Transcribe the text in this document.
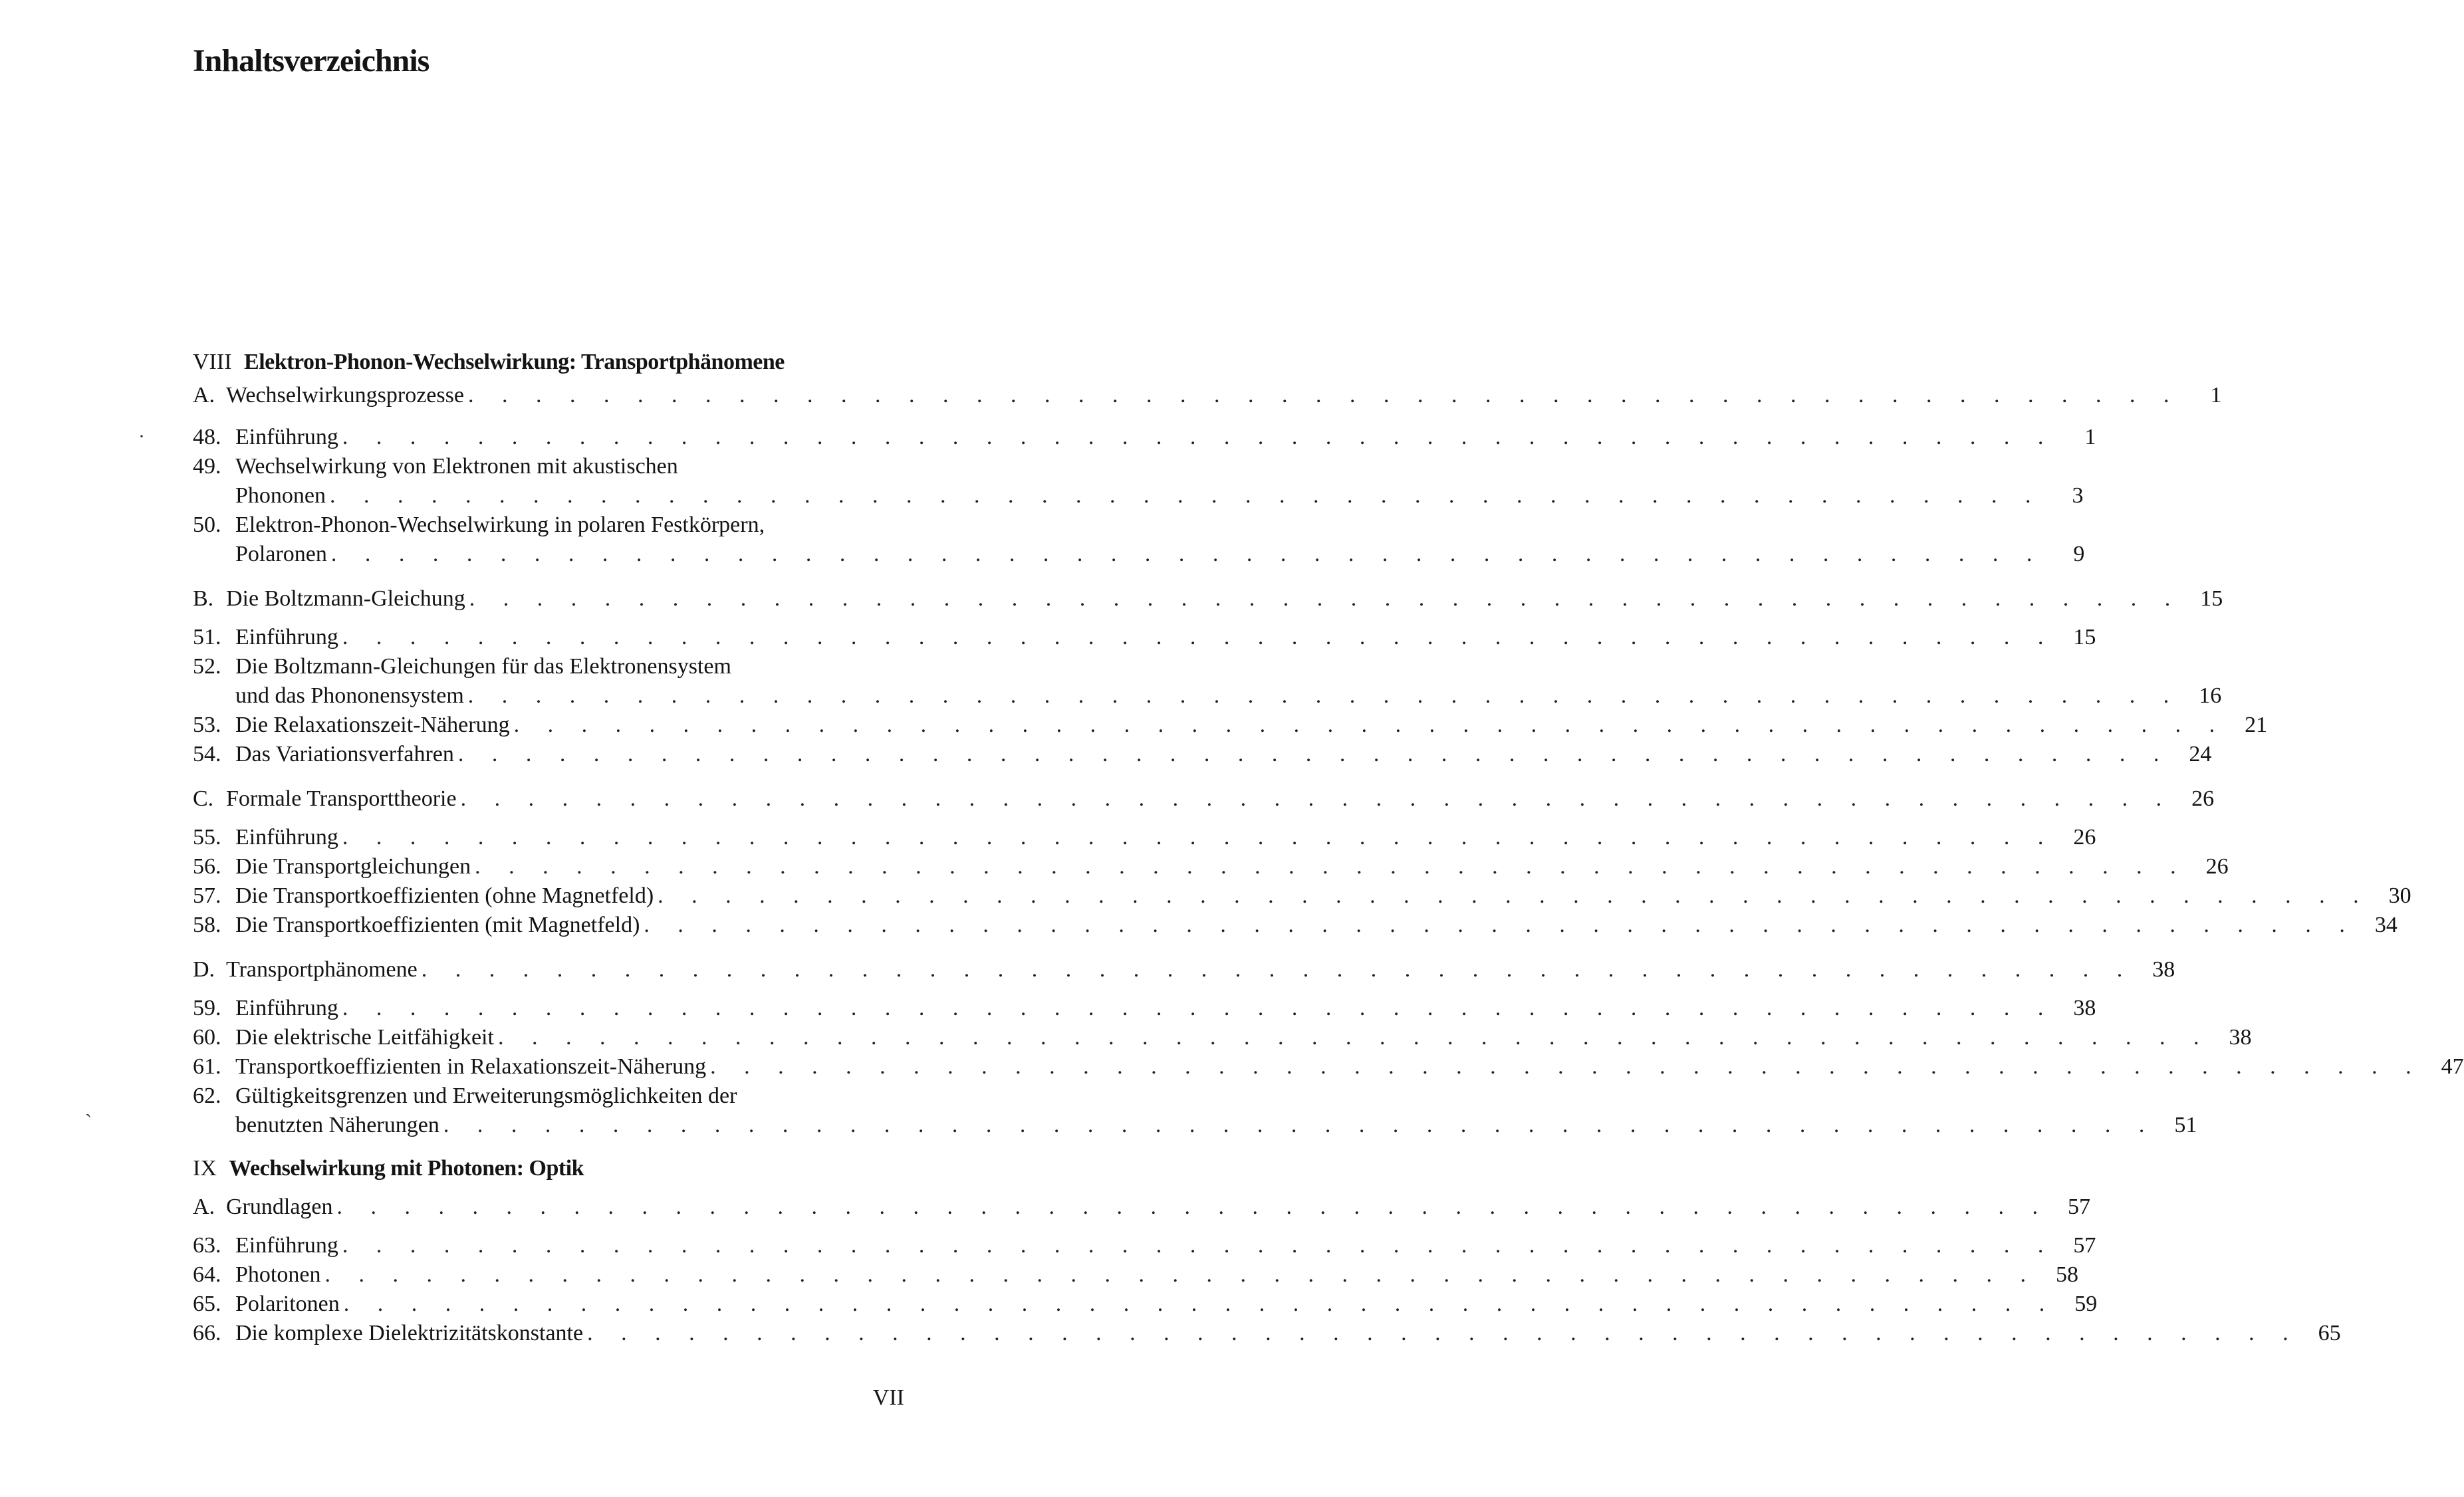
Inhaltsverzeichnis
VIII Elektron-Phonon-Wechselwirkung: Transportphänomene
A. Wechselwirkungsprozesse . . . . . . . . . . . . . . . . . . . . . . . . . . . . . . . . . . . . . . . . . . . . . . . . . . .	1
48. Einführung . . . . . . . . . . . . . . . . . . . . . . . . . . . . . . . . . . . . . . . . . . . . . . . . . . .	1
49. Wechselwirkung von Elektronen mit akustischen
Phononen . . . . . . . . . . . . . . . . . . . . . . . . . . . . . . . . . . . . . . . . . . . . . . . . . . .	3
50. Elektron-Phonon-Wechselwirkung in polaren Festkörpern,
Polaronen . . . . . . . . . . . . . . . . . . . . . . . . . . . . . . . . . . . . . . . . . . . . . . . . . . .	9
B. Die Boltzmann-Gleichung . . . . . . . . . . . . . . . . . . . . . . . . . . . . . . . . . . . . . . . . . . . . . . . . . . . 15
51. Einführung . . . . . . . . . . . . . . . . . . . . . . . . . . . . . . . . . . . . . . . . . . . . . . . . . . . 15
52. Die Boltzmann-Gleichungen für das Elektronensystem
und das Phononensystem . . . . . . . . . . . . . . . . . . . . . . . . . . . . . . . . . . . . . . . . . . . . . . . . . . . 16
53. Die Relaxationszeit-Näherung . . . . . . . . . . . . . . . . . . . . . . . . . . . . . . . . . . . . . . . . . . . . . . . . . . . 21
54. Das Variationsverfahren . . . . . . . . . . . . . . . . . . . . . . . . . . . . . . . . . . . . . . . . . . . . . . . . . . . 24
C. Formale Transporttheorie . . . . . . . . . . . . . . . . . . . . . . . . . . . . . . . . . . . . . . . . . . . . . . . . . . . 26
55. Einführung . . . . . . . . . . . . . . . . . . . . . . . . . . . . . . . . . . . . . . . . . . . . . . . . . . . 26
56. Die Transportgleichungen . . . . . . . . . . . . . . . . . . . . . . . . . . . . . . . . . . . . . . . . . . . . . . . . . . . 26
57. Die Transportkoeffizienten (ohne Magnetfeld) . . . . . . . . . . . . . . . . . . . . . . . . . . . . . . . . . . . . . . . . . . . . . . . . . . . 30
58. Die Transportkoeffizienten (mit Magnetfeld) . . . . . . . . . . . . . . . . . . . . . . . . . . . . . . . . . . . . . . . . . . . . . . . . . . . 34
D. Transportphänomene . . . . . . . . . . . . . . . . . . . . . . . . . . . . . . . . . . . . . . . . . . . . . . . . . . . 38
59. Einführung . . . . . . . . . . . . . . . . . . . . . . . . . . . . . . . . . . . . . . . . . . . . . . . . . . . 38
60. Die elektrische Leitfähigkeit . . . . . . . . . . . . . . . . . . . . . . . . . . . . . . . . . . . . . . . . . . . . . . . . . . . 38
61. Transportkoeffizienten in Relaxationszeit-Näherung . . . . . . . . . . . . . . . . . . . . . . . . . . . . . . . . . . . . . . . . . . . . . . . . . . . 47
62. Gültigkeitsgrenzen und Erweiterungsmöglichkeiten der
benutzten Näherungen . . . . . . . . . . . . . . . . . . . . . . . . . . . . . . . . . . . . . . . . . . . . . . . . . . . 51
IX Wechselwirkung mit Photonen: Optik
A. Grundlagen . . . . . . . . . . . . . . . . . . . . . . . . . . . . . . . . . . . . . . . . . . . . . . . . . . . 57
63. Einführung . . . . . . . . . . . . . . . . . . . . . . . . . . . . . . . . . . . . . . . . . . . . . . . . . . . 57
64. Photonen . . . . . . . . . . . . . . . . . . . . . . . . . . . . . . . . . . . . . . . . . . . . . . . . . . . 58
65. Polaritonen . . . . . . . . . . . . . . . . . . . . . . . . . . . . . . . . . . . . . . . . . . . . . . . . . . . 59
66. Die komplexe Dielektrizitätskonstante . . . . . . . . . . . . . . . . . . . . . . . . . . . . . . . . . . . . . . . . . . . . . . . . . . . 65
·
ˏ
VII
